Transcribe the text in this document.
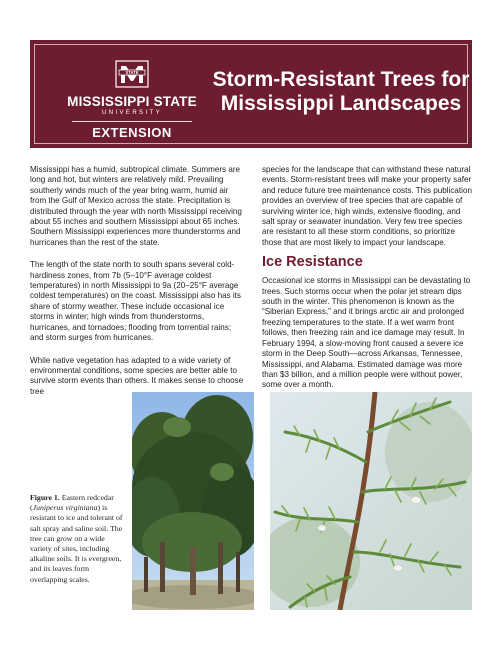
STATE
MISSISSIPPI STATE
UNIVERSITY
EXTENSION
Storm-Resistant Trees for
Mississippi Landscapes

Mississippi has a humid, subtropical climate. Summers are long and hot, but winters are relatively mild. Prevailing southerly winds much of the year bring warm, humid air from the Gulf of Mexico across the state. Precipitation is distributed through the year with north Mississippi receiving about 55 inches and southern Mississippi about 65 inches. Southern Mississippi experiences more thunderstorms and hurricanes than the rest of the state.

The length of the state north to south spans several cold-hardiness zones, from 7b (5–10°F average coldest temperatures) in north Mississippi to 9a (20–25°F average coldest temperatures) on the coast. Mississippi also has its share of stormy weather. These include occasional ice storms in winter; high winds from thunderstorms, hurricanes, and tornadoes; flooding from torrential rains; and storm surges from hurricanes.

While native vegetation has adapted to a wide variety of environmental conditions, some species are better able to survive storm events than others. It makes sense to choose tree

species for the landscape that can withstand these natural events. Storm-resistant trees will make your property safer and reduce future tree maintenance costs. This publication provides an overview of tree species that are capable of surviving winter ice, high winds, extensive flooding, and salt spray or seawater inundation. Very few tree species are resistant to all these storm conditions, so prioritize those that are most likely to impact your landscape.

Ice Resistance

Occasional ice storms in Mississippi can be devastating to trees. Such storms occur when the polar jet stream dips south in the winter. This phenomenon is known as the “Siberian Express,” and it brings arctic air and prolonged freezing temperatures to the state. If a wet warm front follows, then freezing rain and ice damage may result. In February 1994, a slow-moving front caused a severe ice storm in the Deep South—across Arkansas, Tennessee, Mississippi, and Alabama. Estimated damage was more than $3 billion, and a million people were without power, some over a month.

Figure 1. Eastern redcedar (Juniperus virginiana) is resistant to ice and tolerant of salt spray and saline soil. The tree can grow on a wide variety of sites, including alkaline soils. It is evergreen, and its leaves form overlapping scales.
